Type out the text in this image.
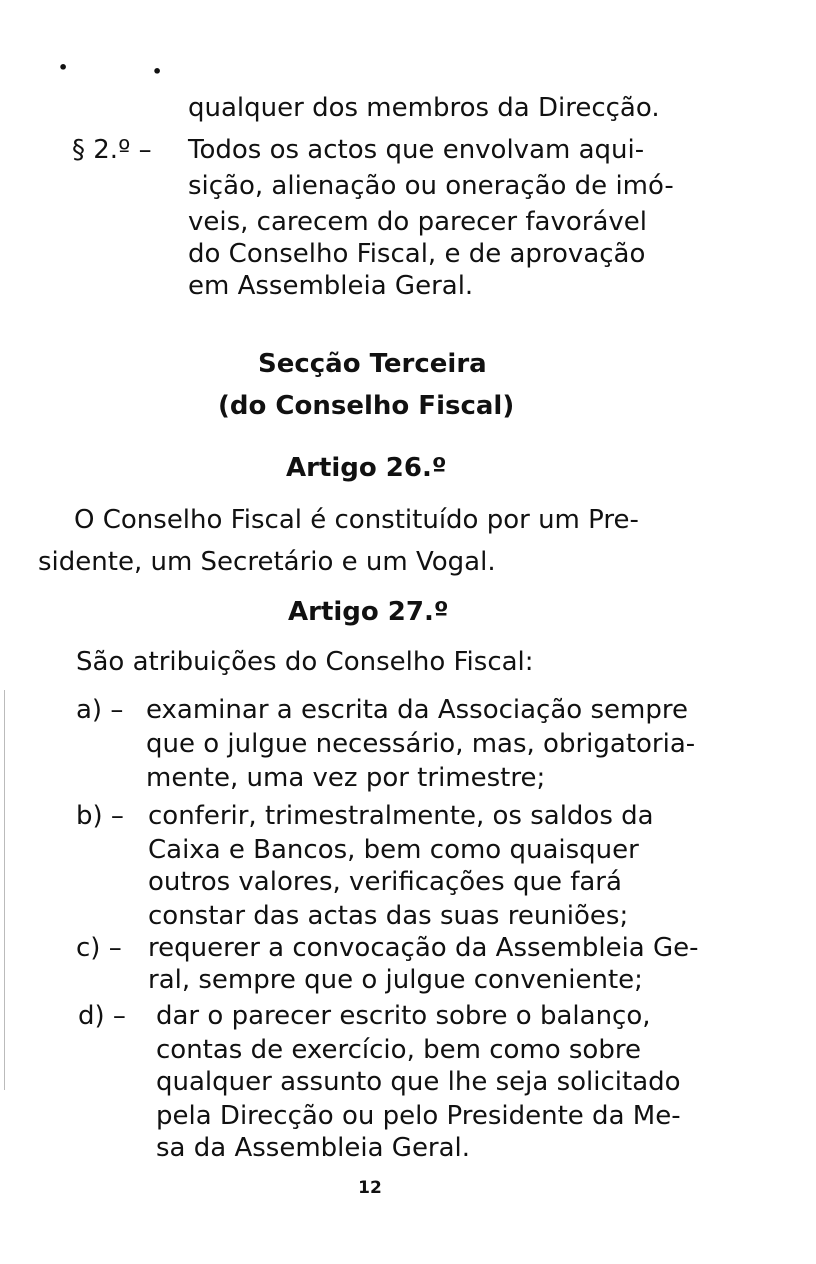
•	•
qualquer dos membros da Direcção.
§ 2.º – Todos os actos que envolvam aqui-
sição, alienação ou oneração de imó-
veis, carecem do parecer favorável
do Conselho Fiscal, e de aprovação
em Assembleia Geral.
Secção Terceira
(do Conselho Fiscal)
Artigo 26.º
O Conselho Fiscal é constituído por um Pre-
sidente, um Secretário e um Vogal.
Artigo 27.º
São atribuições do Conselho Fiscal:
a) – examinar a escrita da Associação sempre
que o julgue necessário, mas, obrigatoria-
mente, uma vez por trimestre;
b) – conferir, trimestralmente, os saldos da
Caixa e Bancos, bem como quaisquer
outros valores, verificações que fará
constar das actas das suas reuniões;
c) – requerer a convocação da Assembleia Ge-
ral, sempre que o julgue conveniente;
d) – dar o parecer escrito sobre o balanço,
contas de exercício, bem como sobre
qualquer assunto que lhe seja solicitado
pela Direcção ou pelo Presidente da Me-
sa da Assembleia Geral.
12
